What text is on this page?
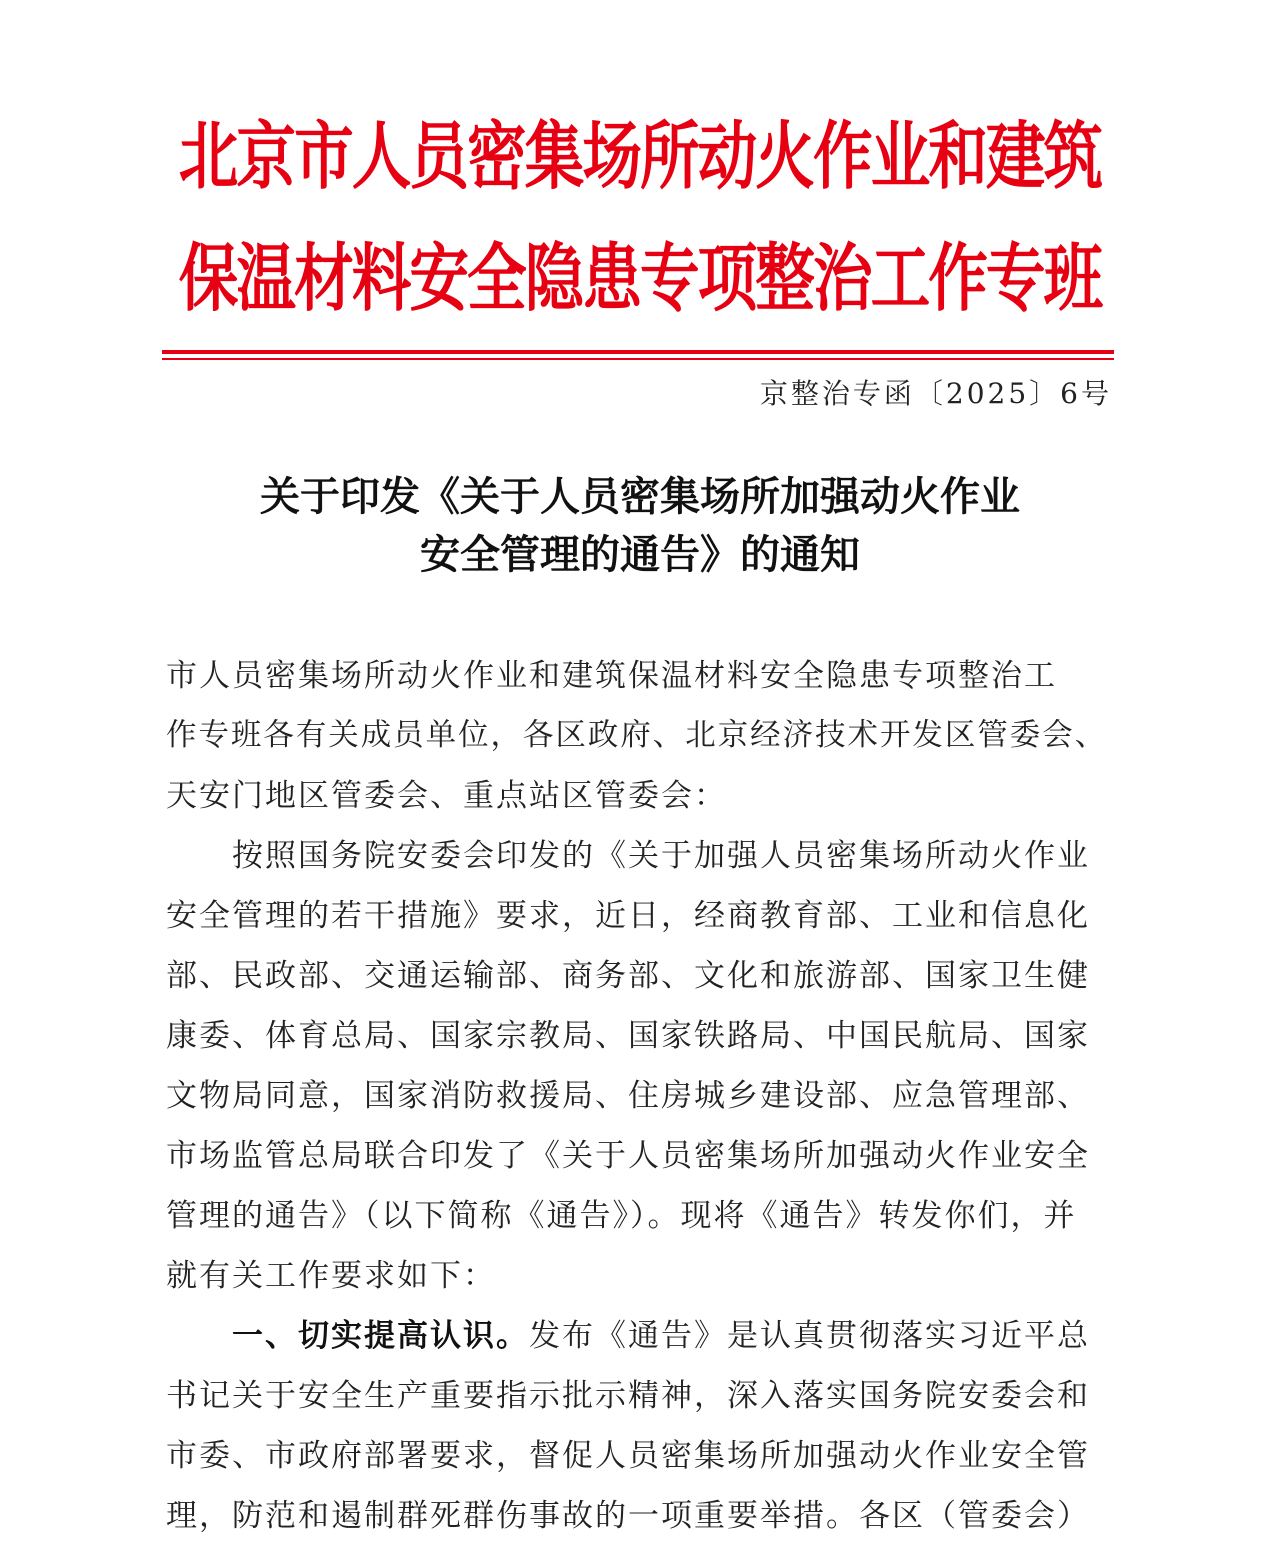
北京市人员密集场所动火作业和建筑
保温材料安全隐患专项整治工作专班
京整治专函〔2025〕6号
关于印发《关于人员密集场所加强动火作业
安全管理的通告》的通知
市人员密集场所动火作业和建筑保温材料安全隐患专项整治工
作专班各有关成员单位，各区政府、北京经济技术开发区管委会、
天安门地区管委会、重点站区管委会：
　　按照国务院安委会印发的《关于加强人员密集场所动火作业
安全管理的若干措施》要求，近日，经商教育部、工业和信息化
部、民政部、交通运输部、商务部、文化和旅游部、国家卫生健
康委、体育总局、国家宗教局、国家铁路局、中国民航局、国家
文物局同意，国家消防救援局、住房城乡建设部、应急管理部、
市场监管总局联合印发了《关于人员密集场所加强动火作业安全
管理的通告》（以下简称《通告》）。现将《通告》转发你们，并
就有关工作要求如下：
　　一、切实提高认识。发布《通告》是认真贯彻落实习近平总
书记关于安全生产重要指示批示精神，深入落实国务院安委会和
市委、市政府部署要求，督促人员密集场所加强动火作业安全管
理，防范和遏制群死群伤事故的一项重要举措。各区（管委会）
